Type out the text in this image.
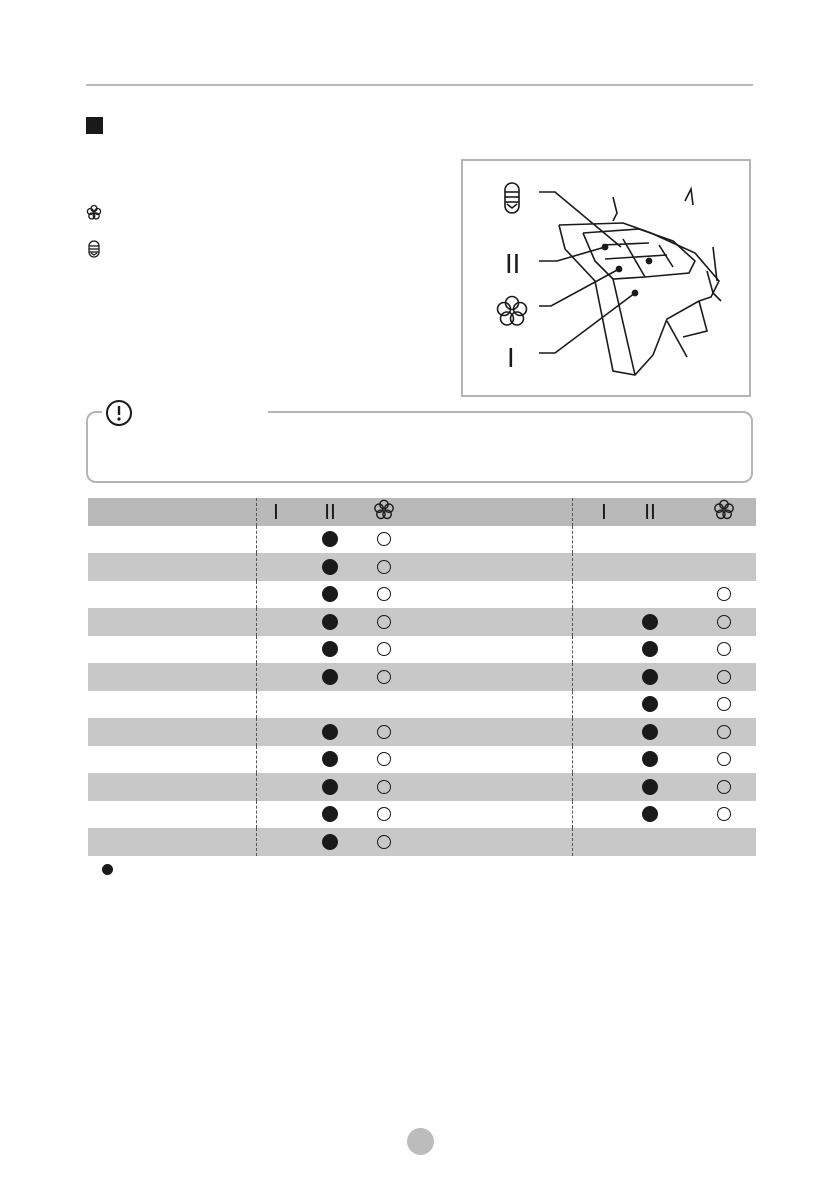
II
I
I II	I II
